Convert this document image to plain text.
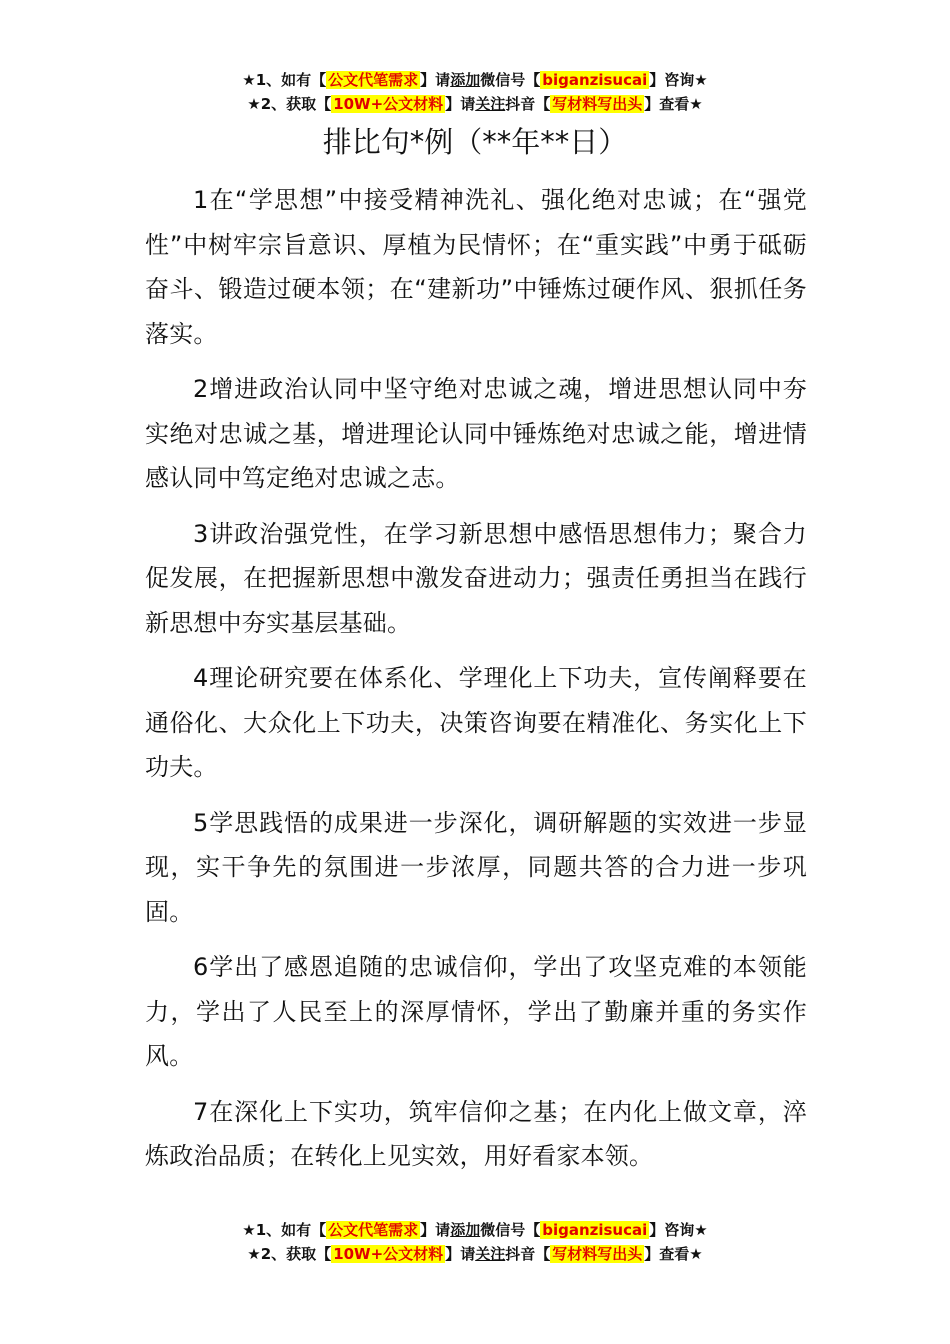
★1、如有【 公文代笔需求 】请添加微信号【 biganzisucai 】咨询★
★2、获取【 10W+公文材料 】请关注抖音【 写材料写出头 】查看★
排比句*例（**年**日）

1在“学思想”中接受精神洗礼、强化绝对忠诚；在“强党性”中树牢宗旨意识、厚植为民情怀；在“重实践”中勇于砥砺奋斗、锻造过硬本领；在“建新功”中锤炼过硬作风、狠抓任务落实。

2增进政治认同中坚守绝对忠诚之魂，增进思想认同中夯实绝对忠诚之基，增进理论认同中锤炼绝对忠诚之能，增进情感认同中笃定绝对忠诚之志。

3讲政治强党性，在学习新思想中感悟思想伟力；聚合力促发展，在把握新思想中激发奋进动力；强责任勇担当在践行新思想中夯实基层基础。

4理论研究要在体系化、学理化上下功夫，宣传阐释要在通俗化、大众化上下功夫，决策咨询要在精准化、务实化上下功夫。

5学思践悟的成果进一步深化，调研解题的实效进一步显现，实干争先的氛围进一步浓厚，同题共答的合力进一步巩固。

6学出了感恩追随的忠诚信仰，学出了攻坚克难的本领能力，学出了人民至上的深厚情怀，学出了勤廉并重的务实作风。

7在深化上下实功，筑牢信仰之基；在内化上做文章，淬炼政治品质；在转化上见实效，用好看家本领。

★1、如有【 公文代笔需求 】请添加微信号【 biganzisucai 】咨询★
★2、获取【 10W+公文材料 】请关注抖音【 写材料写出头 】查看★
